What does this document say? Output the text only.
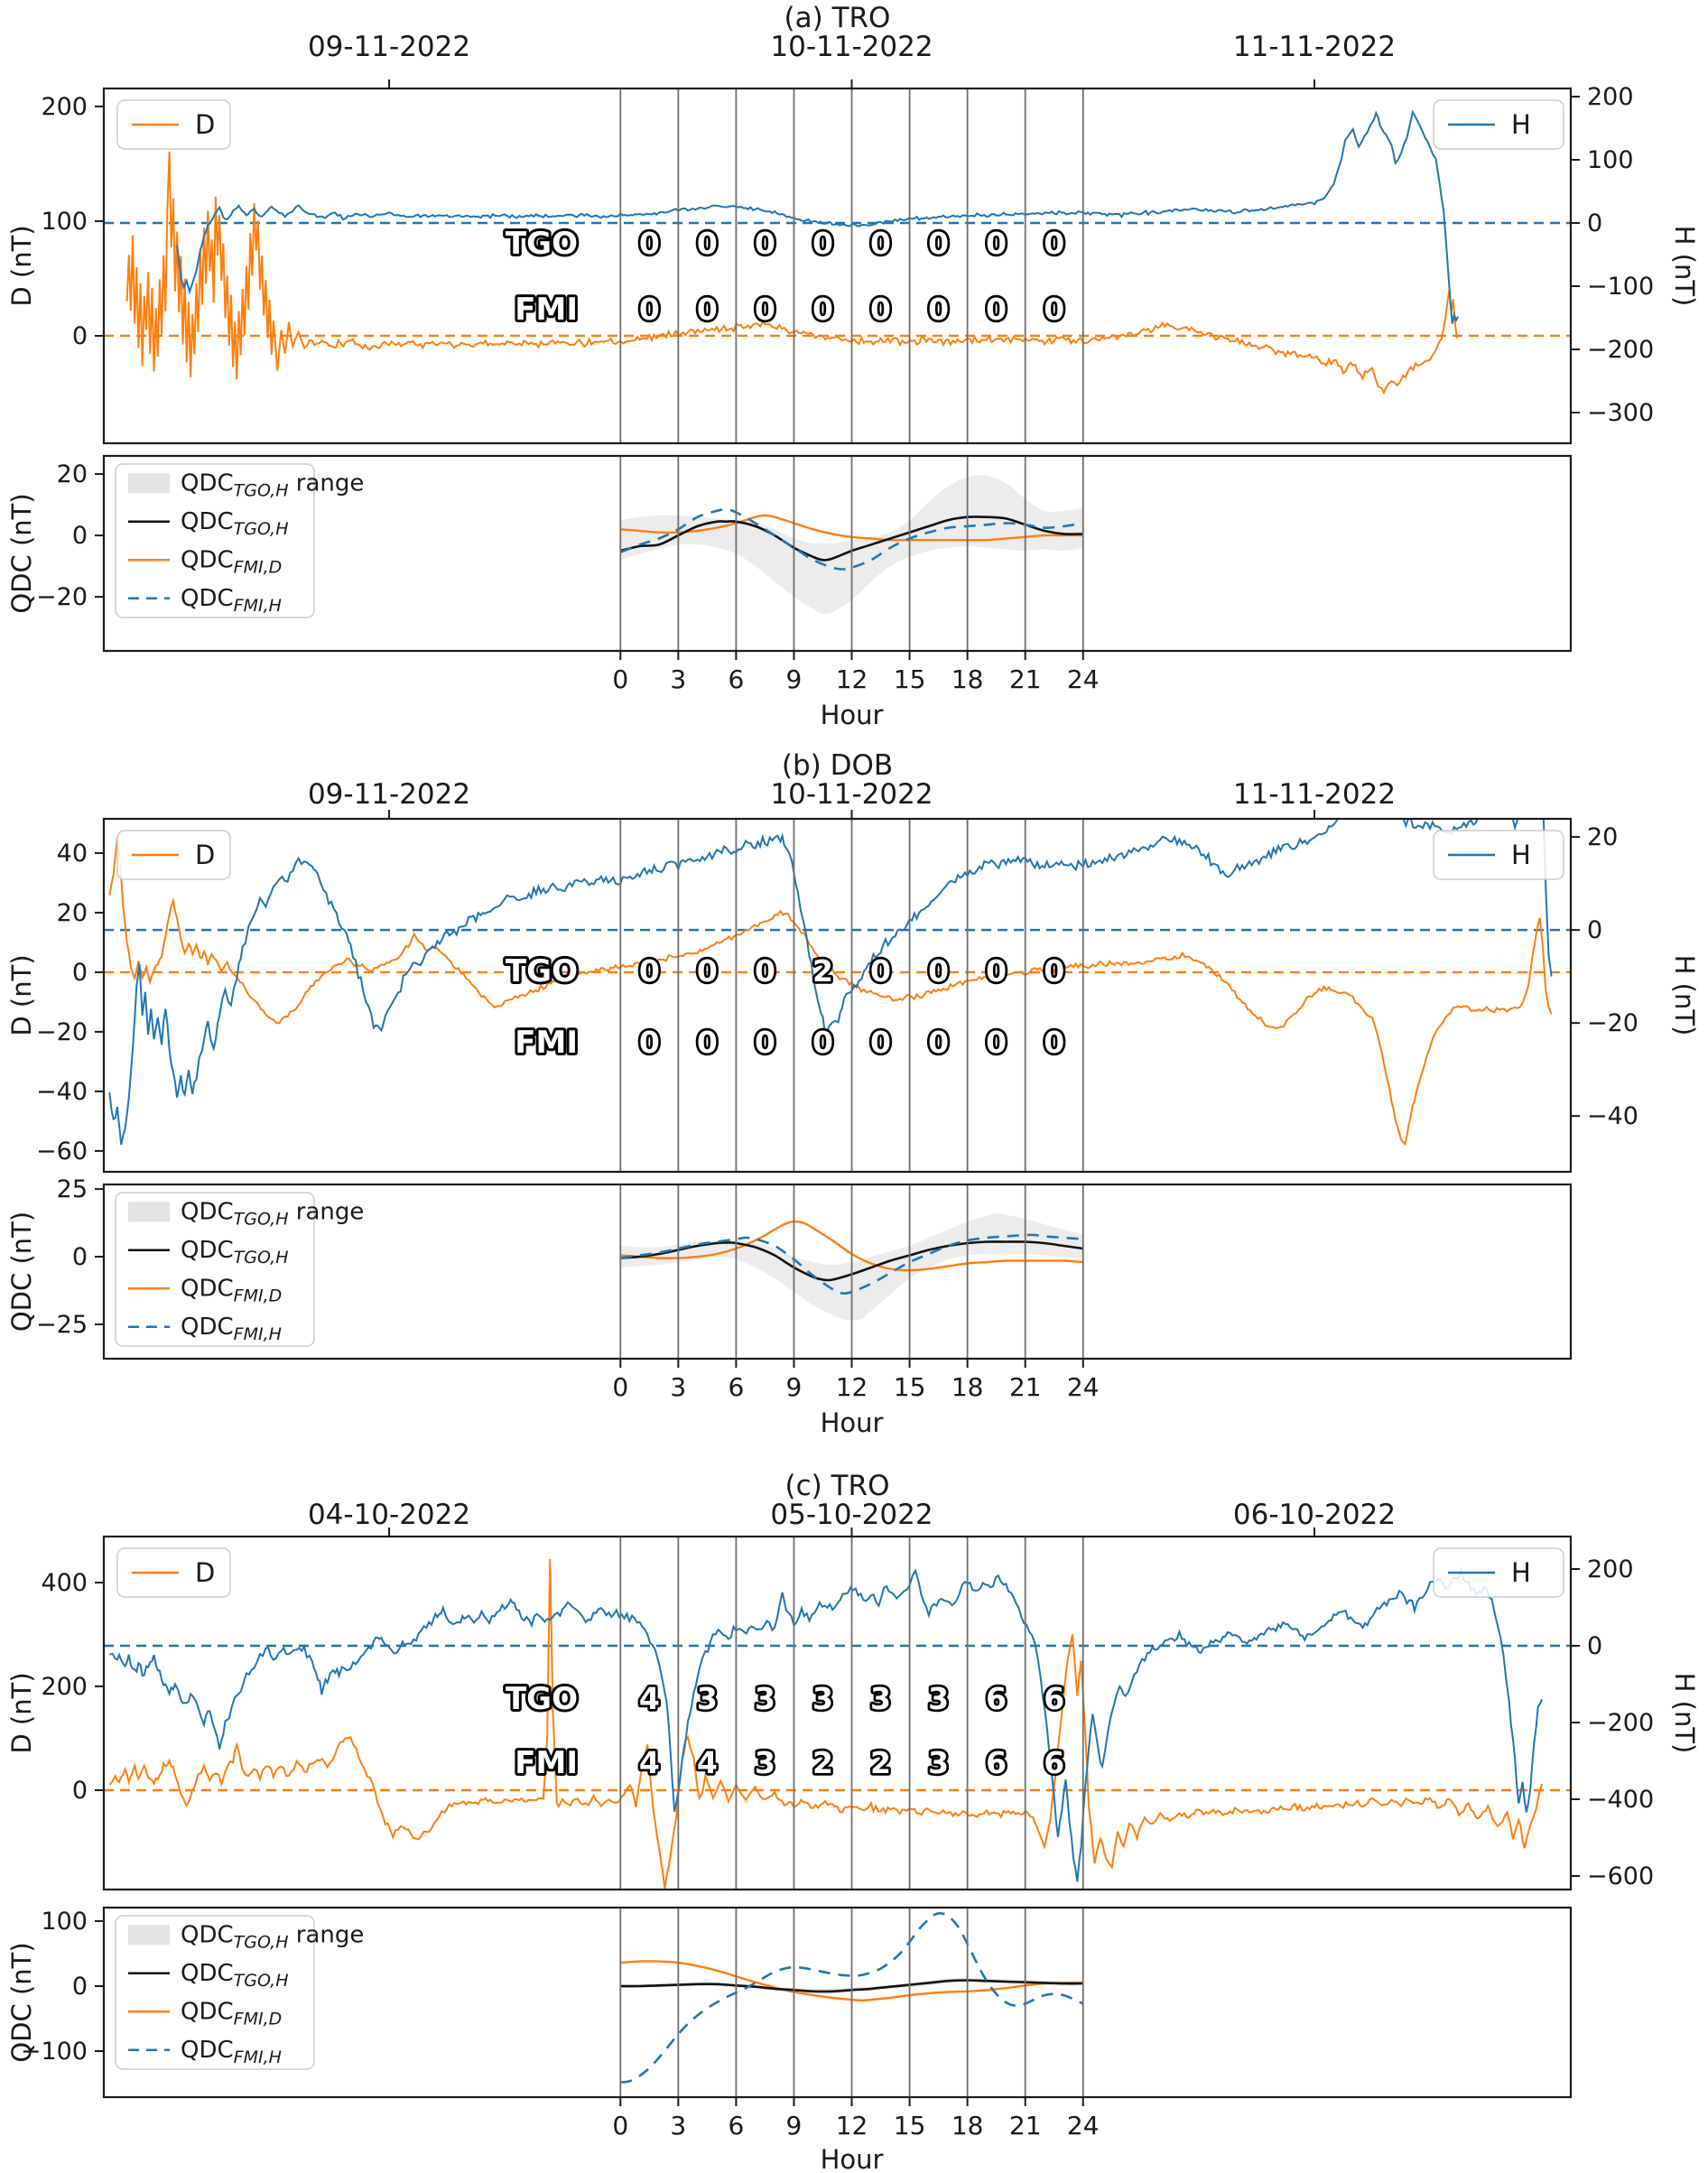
(a) TRO
09-11-2022	10-11-2022	11-11-2022
TGO 0 0 0 0 0 0 0 0
FMI 0 0 0 0 0 0 0 0
200
100
0
200
100
0
−100
−200
−300
D (nT)	H (nT)
QDC (nT)
D	H
20
0
−20
0 3 6 9 12 15 18 21 24
Hour
$QDC_{TGO,H}$ range
$QDC_{TGO,H}$
$QDC_{FMI,D}$
$QDC_{FMI,H}$
(b) DOB
09-11-2022	10-11-2022	11-11-2022
TGO 0 0 0 2 0 0 0 0
FMI 0 0 0 0 0 0 0 0
40
20
0
−20
−40
−60
20
0
−20
−40
D (nT)	H (nT)
QDC (nT)
D	H
25
0
−25
0 3 6 9 12 15 18 21 24
Hour
$QDC_{TGO,H}$ range
$QDC_{TGO,H}$
$QDC_{FMI,D}$
$QDC_{FMI,H}$
(c) TRO
04-10-2022	05-10-2022	06-10-2022
TGO 4 3 3 3 3 3 6 6
FMI 4 4 3 2 2 3 6 6
400
200
0
200
0
−200
−400
−600
D (nT)	H (nT)
QDC (nT)
D	H
100
0
−100
0 3 6 9 12 15 18 21 24
Hour
$QDC_{TGO,H}$ range
$QDC_{TGO,H}$
$QDC_{FMI,D}$
$QDC_{FMI,H}$
